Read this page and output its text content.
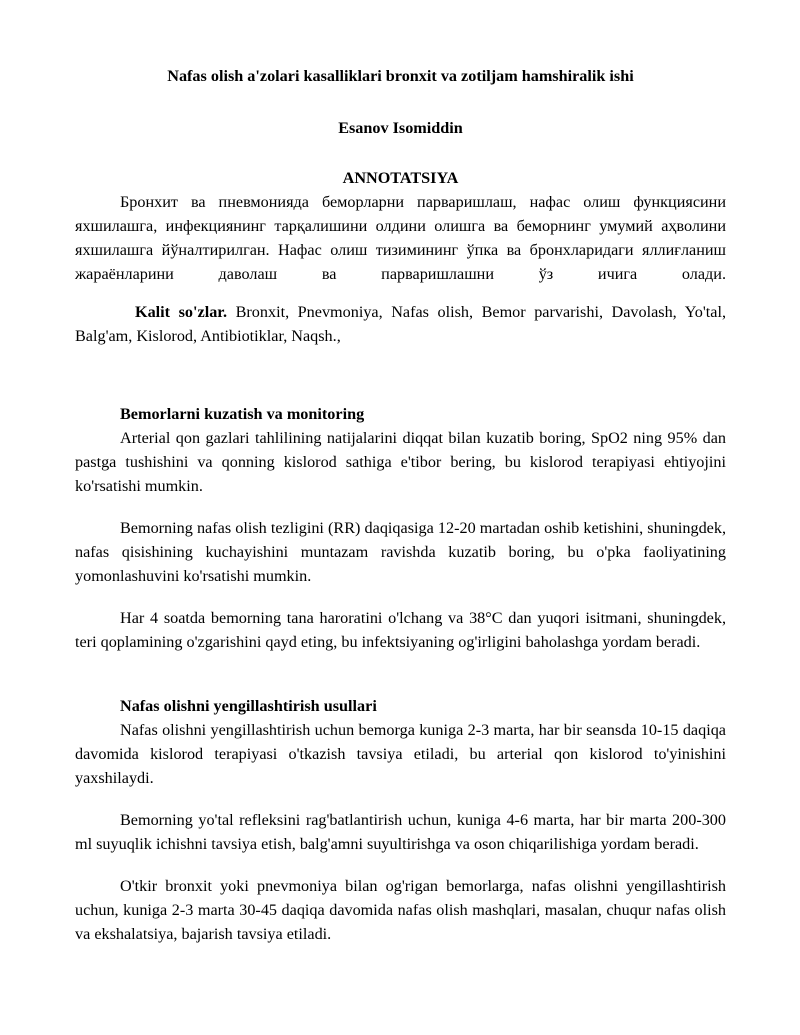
Nafas olish a'zolari kasalliklari bronxit va zotiljam hamshiralik ishi
Esanov Isomiddin
ANNOTATSIYA

Бронхит ва пневмонияда беморларни парваришлаш, нафас олиш функциясини яхшилашга, инфекциянинг тарқалишини олдини олишга ва беморнинг умумий аҳволини яхшилашга йўналтирилган. Нафас олиш тизимининг ўпка ва бронхларидаги яллиғланиш жараёнларини даволаш ва парваришлашни ўз ичига олади.

Kalit so'zlar. Bronxit, Pnevmoniya, Nafas olish, Bemor parvarishi, Davolash, Yo'tal, Balg'am, Kislorod, Antibiotiklar, Naqsh.,

Bemorlarni kuzatish va monitoring

Arterial qon gazlari tahlilining natijalarini diqqat bilan kuzatib boring, SpO2 ning 95% dan pastga tushishini va qonning kislorod sathiga e'tibor bering, bu kislorod terapiyasi ehtiyojini ko'rsatishi mumkin.

Bemorning nafas olish tezligini (RR) daqiqasiga 12-20 martadan oshib ketishini, shuningdek, nafas qisishining kuchayishini muntazam ravishda kuzatib boring, bu o'pka faoliyatining yomonlashuvini ko'rsatishi mumkin.

Har 4 soatda bemorning tana haroratini o'lchang va 38°C dan yuqori isitmani, shuningdek, teri qoplamining o'zgarishini qayd eting, bu infektsiyaning og'irligini baholashga yordam beradi.

Nafas olishni yengillashtirish usullari

Nafas olishni yengillashtirish uchun bemorga kuniga 2-3 marta, har bir seansda 10-15 daqiqa davomida kislorod terapiyasi o'tkazish tavsiya etiladi, bu arterial qon kislorod to'yinishini yaxshilaydi.

Bemorning yo'tal refleksini rag'batlantirish uchun, kuniga 4-6 marta, har bir marta 200-300 ml suyuqlik ichishni tavsiya etish, balg'amni suyultirishga va oson chiqarilishiga yordam beradi.

O'tkir bronxit yoki pnevmoniya bilan og'rigan bemorlarga, nafas olishni yengillashtirish uchun, kuniga 2-3 marta 30-45 daqiqa davomida nafas olish mashqlari, masalan, chuqur nafas olish va ekshalatsiya, bajarish tavsiya etiladi.
